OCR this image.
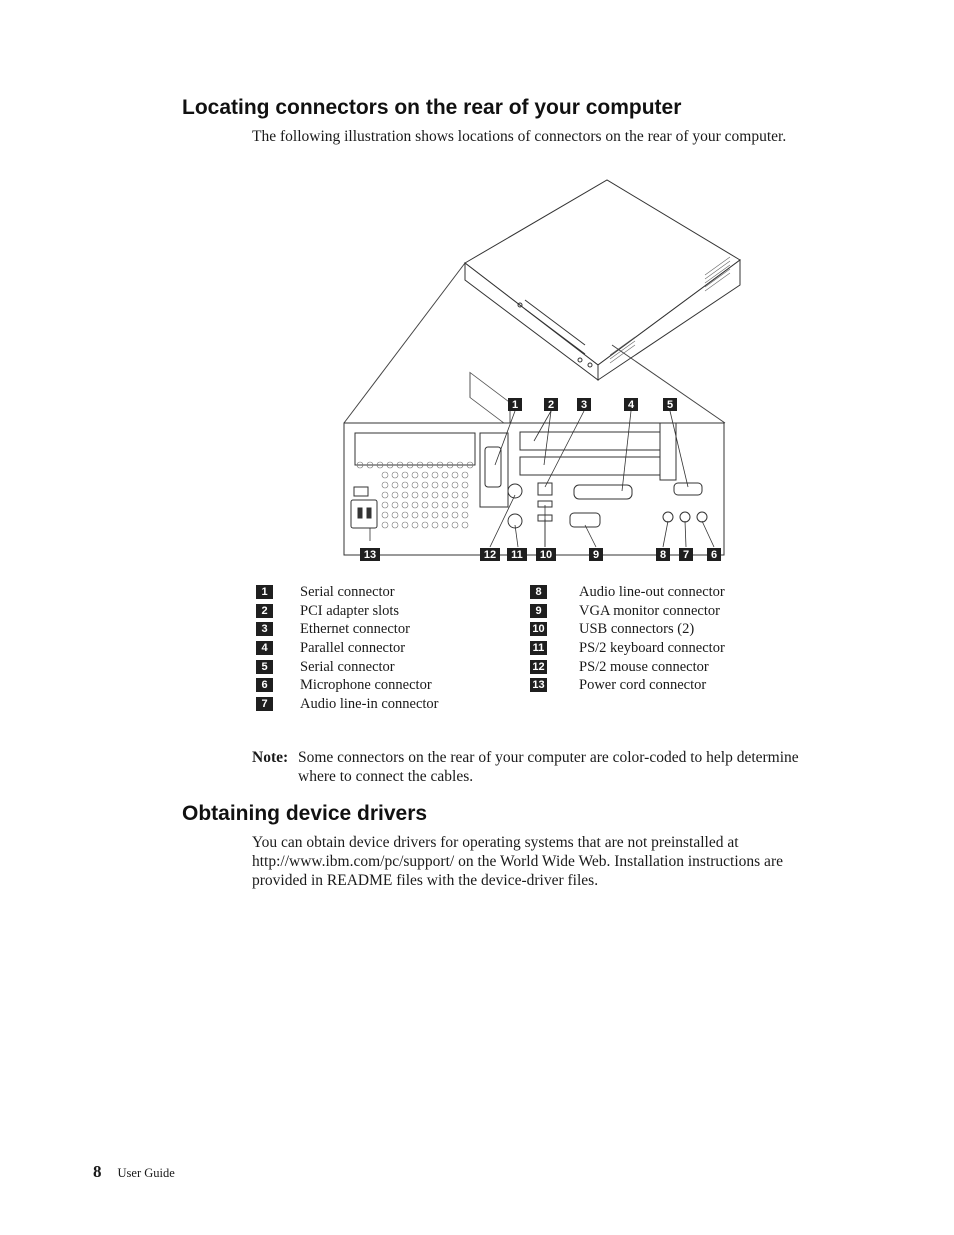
Locating connectors on the rear of your computer

The following illustration shows locations of connectors on the rear of your computer.

1	2 3	4	5
13	12 11 10	9	8 7 6
1	Serial connector
2	PCI adapter slots
3	Ethernet connector
4	Parallel connector
5	Serial connector
6	Microphone connector
7	Audio line-in connector
8	Audio line-out connector
9	VGA monitor connector
10 USB connectors (2)
11 PS/2 keyboard connector
12 PS/2 mouse connector
13 Power cord connector
Note: Some connectors on the rear of your computer are color-coded to help determine where to connect the cables.
Obtaining device drivers

You can obtain device drivers for operating systems that are not preinstalled at http://www.ibm.com/pc/support/ on the World Wide Web. Installation instructions are provided in README files with the device-driver files.

8 User Guide
